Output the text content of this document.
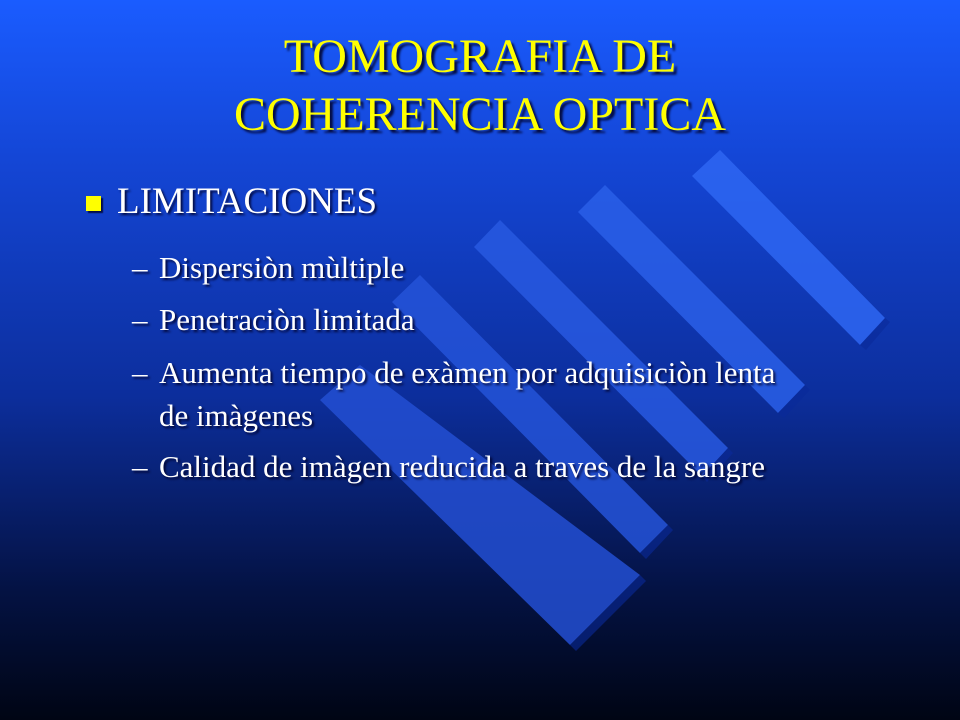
TOMOGRAFIA DE
COHERENCIA OPTICA
LIMITACIONES
– Dispersiòn mùltiple
– Penetraciòn limitada
– Aumenta tiempo de exàmen por adquisiciòn lenta de imàgenes
– Calidad de imàgen reducida a traves de la sangre
